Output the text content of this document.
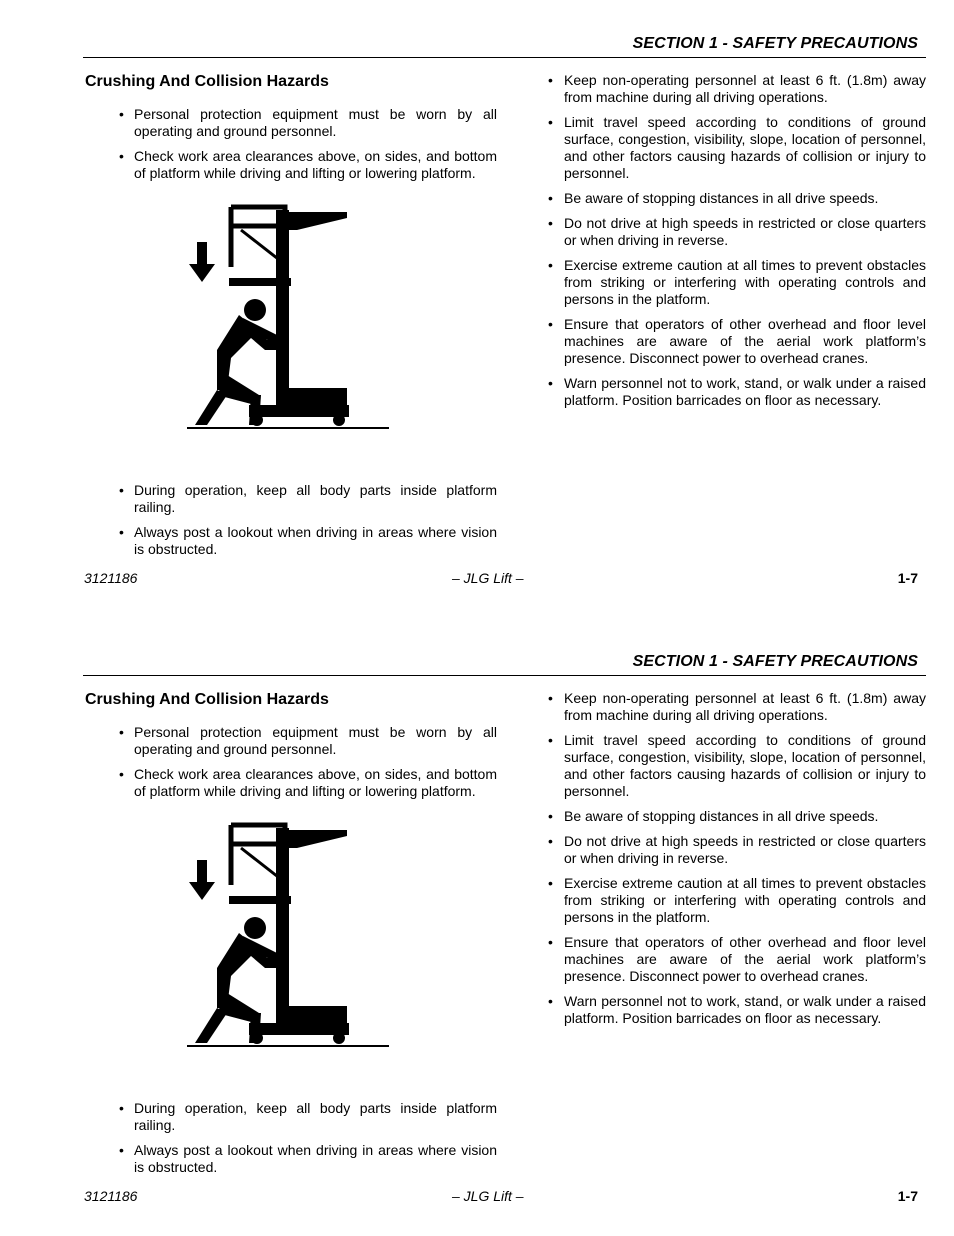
SECTION 1 - SAFETY PRECAUTIONS
Crushing And Collision Hazards
• Personal protection equipment must be worn by all operating and ground personnel.
• Check work area clearances above, on sides, and bottom of platform while driving and lifting or lowering platform.
• During operation, keep all body parts inside platform railing.
• Always post a lookout when driving in areas where vision is obstructed.
• Keep non-operating personnel at least 6 ft. (1.8m) away from machine during all driving operations.
• Limit travel speed according to conditions of ground surface, congestion, visibility, slope, location of personnel, and other factors causing hazards of collision or injury to personnel.
• Be aware of stopping distances in all drive speeds.
• Do not drive at high speeds in restricted or close quarters or when driving in reverse.
• Exercise extreme caution at all times to prevent obstacles from striking or interfering with operating controls and persons in the platform.
• Ensure that operators of other overhead and floor level machines are aware of the aerial work platform’s presence. Disconnect power to overhead cranes.
• Warn personnel not to work, stand, or walk under a raised platform. Position barricades on floor as necessary.
3121186	– JLG Lift –	1-7
SECTION 1 - SAFETY PRECAUTIONS
Crushing And Collision Hazards
• Personal protection equipment must be worn by all operating and ground personnel.
• Check work area clearances above, on sides, and bottom of platform while driving and lifting or lowering platform.
• During operation, keep all body parts inside platform railing.
• Always post a lookout when driving in areas where vision is obstructed.
• Keep non-operating personnel at least 6 ft. (1.8m) away from machine during all driving operations.
• Limit travel speed according to conditions of ground surface, congestion, visibility, slope, location of personnel, and other factors causing hazards of collision or injury to personnel.
• Be aware of stopping distances in all drive speeds.
• Do not drive at high speeds in restricted or close quarters or when driving in reverse.
• Exercise extreme caution at all times to prevent obstacles from striking or interfering with operating controls and persons in the platform.
• Ensure that operators of other overhead and floor level machines are aware of the aerial work platform’s presence. Disconnect power to overhead cranes.
• Warn personnel not to work, stand, or walk under a raised platform. Position barricades on floor as necessary.
3121186	– JLG Lift –	1-7
